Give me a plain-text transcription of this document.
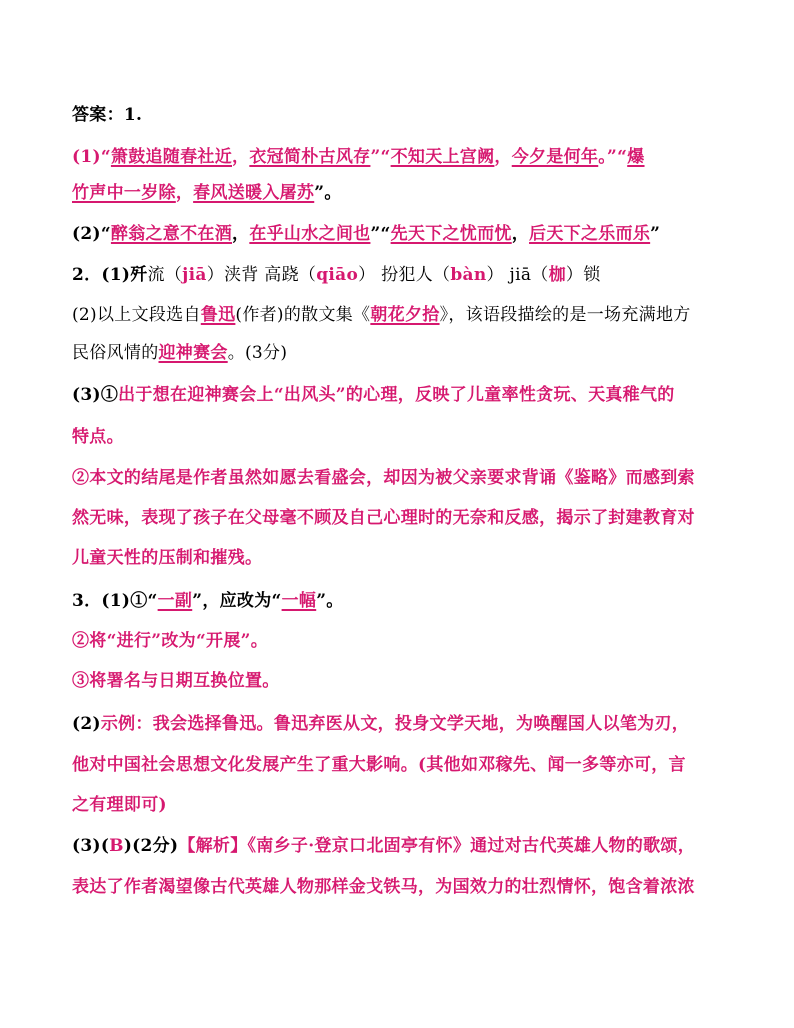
答案：1.
(1)“箫鼓追随春社近，衣冠简朴古风存”“不知天上宫阙，今夕是何年。”“爆
竹声中一岁除，春风送暖入屠苏”。
(2)“醉翁之意不在酒，在乎山水之间也”“先天下之忧而忧，后天下之乐而乐”
2．(1)歼流（jiā）浃背 高跷（qiāo） 扮犯人（bàn） jiā（枷）锁
(2)以上文段选自鲁迅(作者)的散文集《朝花夕拾》，该语段描绘的是一场充满地方
民俗风情的迎神赛会。(3分)
(3)①出于想在迎神赛会上“出风头”的心理，反映了儿童率性贪玩、天真稚气的
特点。
②本文的结尾是作者虽然如愿去看盛会，却因为被父亲要求背诵《鉴略》而感到索
然无味，表现了孩子在父母毫不顾及自己心理时的无奈和反感，揭示了封建教育对
儿童天性的压制和摧残。
3．(1)①“一副”，应改为“一幅”。
②将“进行”改为“开展”。
③将署名与日期互换位置。
(2)示例：我会选择鲁迅。鲁迅弃医从文，投身文学天地，为唤醒国人以笔为刃，
他对中国社会思想文化发展产生了重大影响。(其他如邓稼先、闻一多等亦可，言
之有理即可)
(3)(B)(2分)【解析】《南乡子·登京口北固亭有怀》通过对古代英雄人物的歌颂，
表达了作者渴望像古代英雄人物那样金戈铁马，为国效力的壮烈情怀，饱含着浓浓
